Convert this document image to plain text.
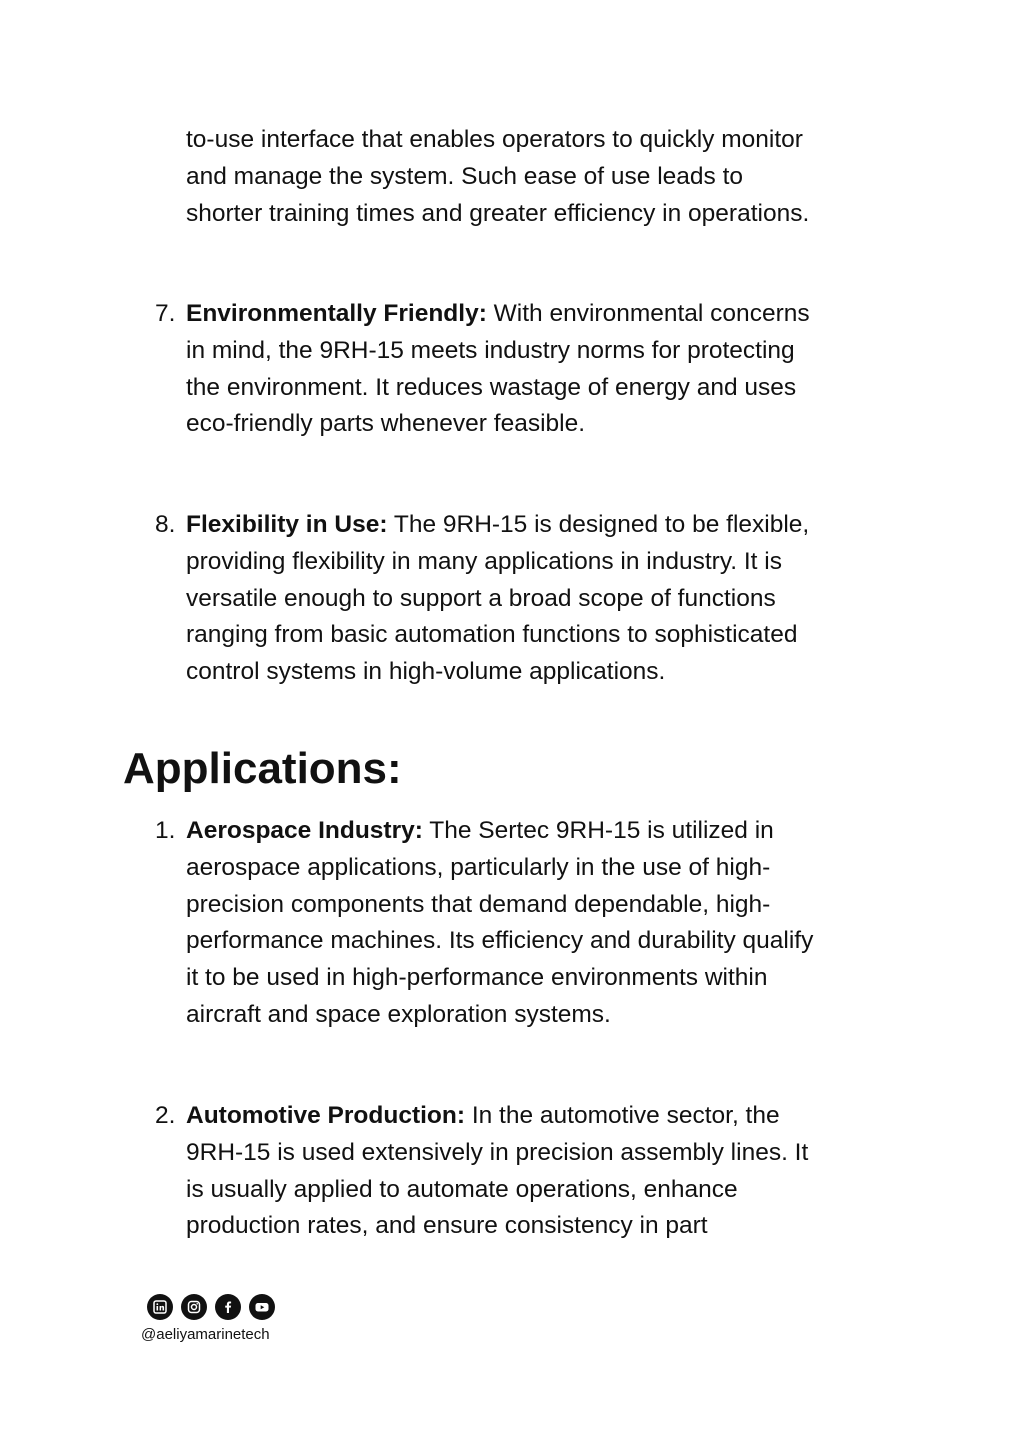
to-use interface that enables operators to quickly monitor
and manage the system. Such ease of use leads to
shorter training times and greater efficiency in operations.
7. Environmentally Friendly: With environmental concerns
in mind, the 9RH-15 meets industry norms for protecting
the environment. It reduces wastage of energy and uses
eco-friendly parts whenever feasible.
8. Flexibility in Use: The 9RH-15 is designed to be flexible,
providing flexibility in many applications in industry. It is
versatile enough to support a broad scope of functions
ranging from basic automation functions to sophisticated
control systems in high-volume applications.
Applications:
1. Aerospace Industry: The Sertec 9RH-15 is utilized in
aerospace applications, particularly in the use of high-
precision components that demand dependable, high-
performance machines. Its efficiency and durability qualify
it to be used in high-performance environments within
aircraft and space exploration systems.
2. Automotive Production: In the automotive sector, the
9RH-15 is used extensively in precision assembly lines. It
is usually applied to automate operations, enhance
production rates, and ensure consistency in part
@aeliyamarinetech
